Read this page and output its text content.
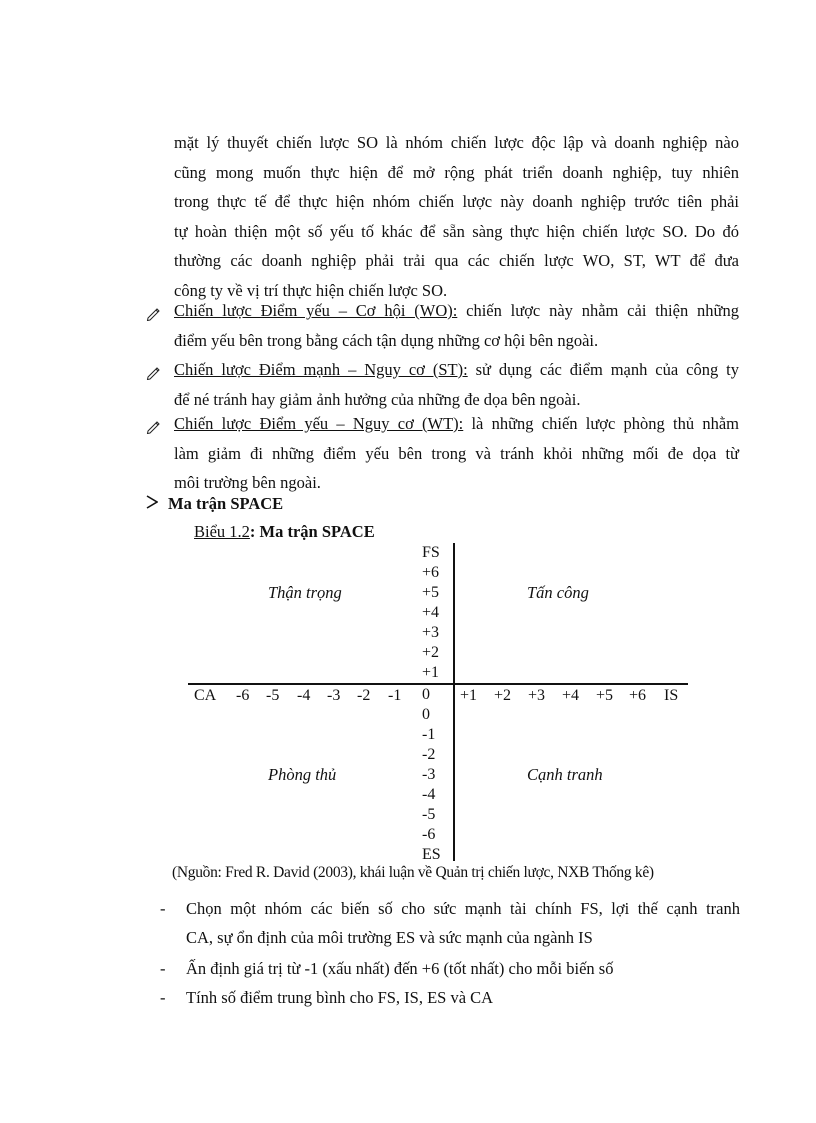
mặt lý thuyết chiến lược SO là nhóm chiến lược độc lập và doanh nghiệp nào
cũng mong muốn thực hiện để mở rộng phát triển doanh nghiệp, tuy nhiên
trong thực tế để thực hiện nhóm chiến lược này doanh nghiệp trước tiên phải
tự hoàn thiện một số yếu tố khác để sẵn sàng thực hiện chiến lược SO. Do đó
thường các doanh nghiệp phải trải qua các chiến lược WO, ST, WT để đưa
công ty về vị trí thực hiện chiến lược SO.
Chiến lược Điểm yếu – Cơ hội (WO): chiến lược này nhằm cải thiện những
điểm yếu bên trong bằng cách tận dụng những cơ hội bên ngoài.
Chiến lược Điểm mạnh – Nguy cơ (ST): sử dụng các điểm mạnh của công ty
để né tránh hay giảm ảnh hưởng của những đe dọa bên ngoài.
Chiến lược Điểm yếu – Nguy cơ (WT): là những chiến lược phòng thủ nhằm
làm giảm đi những điểm yếu bên trong và tránh khỏi những mối đe dọa từ
môi trường bên ngoài.
Ma trận SPACE
Biểu 1.2: Ma trận SPACE
FS
+6
+5
+4
+3
+2
+1
0
0
-1
-2
-3
-4
-5
-6
ES
CA -6 -5 -4 -3 -2 -1	+1 +2 +3 +4 +5 +6 IS
Thận trọng	Tấn công
Phòng thủ	Cạnh tranh
(Nguồn: Fred R. David (2003), khái luận về Quản trị chiến lược, NXB Thống kê)
- Chọn một nhóm các biến số cho sức mạnh tài chính FS, lợi thế cạnh tranh
CA, sự ổn định của môi trường ES và sức mạnh của ngành IS
- Ấn định giá trị từ -1 (xấu nhất) đến +6 (tốt nhất) cho mỗi biến số
- Tính số điểm trung bình cho FS, IS, ES và CA
